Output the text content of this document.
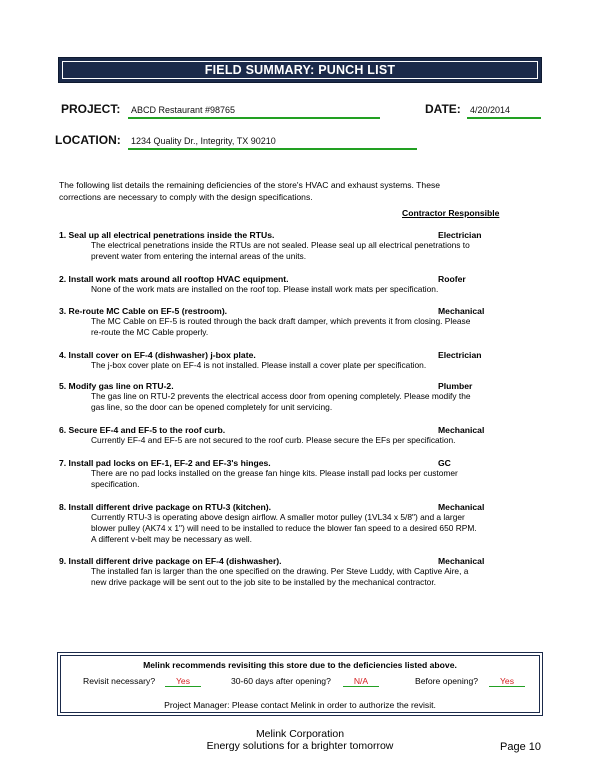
FIELD SUMMARY: PUNCH LIST
PROJECT:	ABCD Restaurant #98765	DATE:	4/20/2014
LOCATION:	1234 Quality Dr., Integrity, TX 90210
The following list details the remaining deficiencies of the store's HVAC and exhaust systems. These
corrections are necessary to comply with the design specifications.
Contractor Responsible
1. Seal up all electrical penetrations inside the RTUs.	Electrician
The electrical penetrations inside the RTUs are not sealed. Please seal up all electrical penetrations to
prevent water from entering the internal areas of the units.
2. Install work mats around all rooftop HVAC equipment.	Roofer
None of the work mats are installed on the roof top. Please install work mats per specification.
3. Re-route MC Cable on EF-5 (restroom).	Mechanical
The MC Cable on EF-5 is routed through the back draft damper, which prevents it from closing. Please
re-route the MC Cable properly.
4. Install cover on EF-4 (dishwasher) j-box plate.	Electrician
The j-box cover plate on EF-4 is not installed. Please install a cover plate per specification.
5. Modify gas line on RTU-2.	Plumber
The gas line on RTU-2 prevents the electrical access door from opening completely. Please modify the
gas line, so the door can be opened completely for unit servicing.
6. Secure EF-4 and EF-5 to the roof curb.	Mechanical
Currently EF-4 and EF-5 are not secured to the roof curb. Please secure the EFs per specification.
7. Install pad locks on EF-1, EF-2 and EF-3's hinges.	GC
There are no pad locks installed on the grease fan hinge kits. Please install pad locks per customer
specification.
8. Install different drive package on RTU-3 (kitchen).	Mechanical
Currently RTU-3 is operating above design airflow. A smaller motor pulley (1VL34 x 5/8") and a larger
blower pulley (AK74 x 1") will need to be installed to reduce the blower fan speed to a desired 650 RPM.
A different v-belt may be necessary as well.
9. Install different drive package on EF-4 (dishwasher).	Mechanical
The installed fan is larger than the one specified on the drawing. Per Steve Luddy, with Captive Aire, a
new drive package will be sent out to the job site to be installed by the mechanical contractor.
Melink recommends revisiting this store due to the deficiencies listed above.
Revisit necessary?	Yes	30-60 days after opening?	N/A	Before opening?	Yes
Project Manager: Please contact Melink in order to authorize the revisit.
Melink Corporation
Energy solutions for a brighter tomorrow	Page 10
